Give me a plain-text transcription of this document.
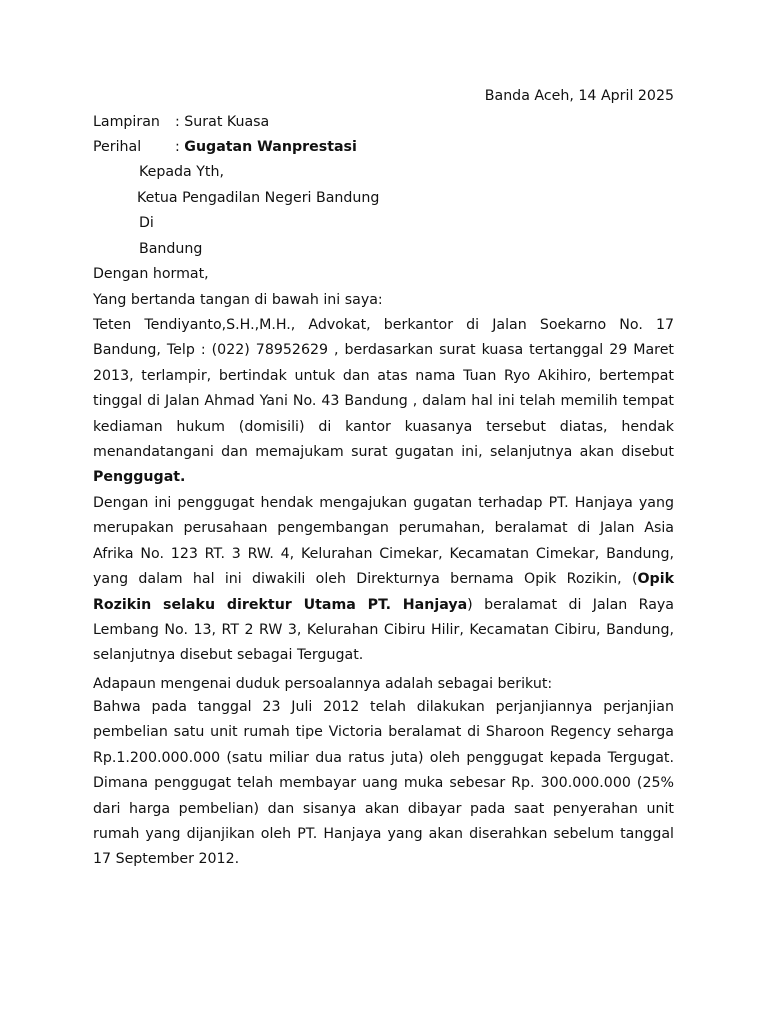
Banda Aceh, 14 April 2025
Lampiran : Surat Kuasa
Perihal : Gugatan Wanprestasi
Kepada Yth,
Ketua Pengadilan Negeri Bandung
Di
Bandung
Dengan hormat,
Yang bertanda tangan di bawah ini saya:

Teten Tendiyanto,S.H.,M.H., Advokat, berkantor di Jalan Soekarno No. 17 Bandung, Telp : (022) 78952629 , berdasarkan surat kuasa tertanggal 29 Maret 2013, terlampir, bertindak untuk dan atas nama Tuan Ryo Akihiro, bertempat tinggal di Jalan Ahmad Yani No. 43 Bandung , dalam hal ini telah memilih tempat kediaman hukum (domisili) di kantor kuasanya tersebut diatas, hendak menandatangani dan memajukam surat gugatan ini, selanjutnya akan disebut Penggugat.

Dengan ini penggugat hendak mengajukan gugatan terhadap PT. Hanjaya yang merupakan perusahaan pengembangan perumahan, beralamat di Jalan Asia Afrika No. 123 RT. 3 RW. 4, Kelurahan Cimekar, Kecamatan Cimekar, Bandung, yang dalam hal ini diwakili oleh Direkturnya bernama Opik Rozikin, (Opik Rozikin selaku direktur Utama PT. Hanjaya) beralamat di Jalan Raya Lembang No. 13, RT 2 RW 3, Kelurahan Cibiru Hilir, Kecamatan Cibiru, Bandung, selanjutnya disebut sebagai Tergugat.

Adapaun mengenai duduk persoalannya adalah sebagai berikut:

Bahwa pada tanggal 23 Juli 2012 telah dilakukan perjanjiannya perjanjian pembelian satu unit rumah tipe Victoria beralamat di Sharoon Regency seharga Rp.1.200.000.000 (satu miliar dua ratus juta) oleh penggugat kepada Tergugat. Dimana penggugat telah membayar uang muka sebesar Rp. 300.000.000 (25% dari harga pembelian) dan sisanya akan dibayar pada saat penyerahan unit rumah yang dijanjikan oleh PT. Hanjaya yang akan diserahkan sebelum tanggal 17 September 2012.
